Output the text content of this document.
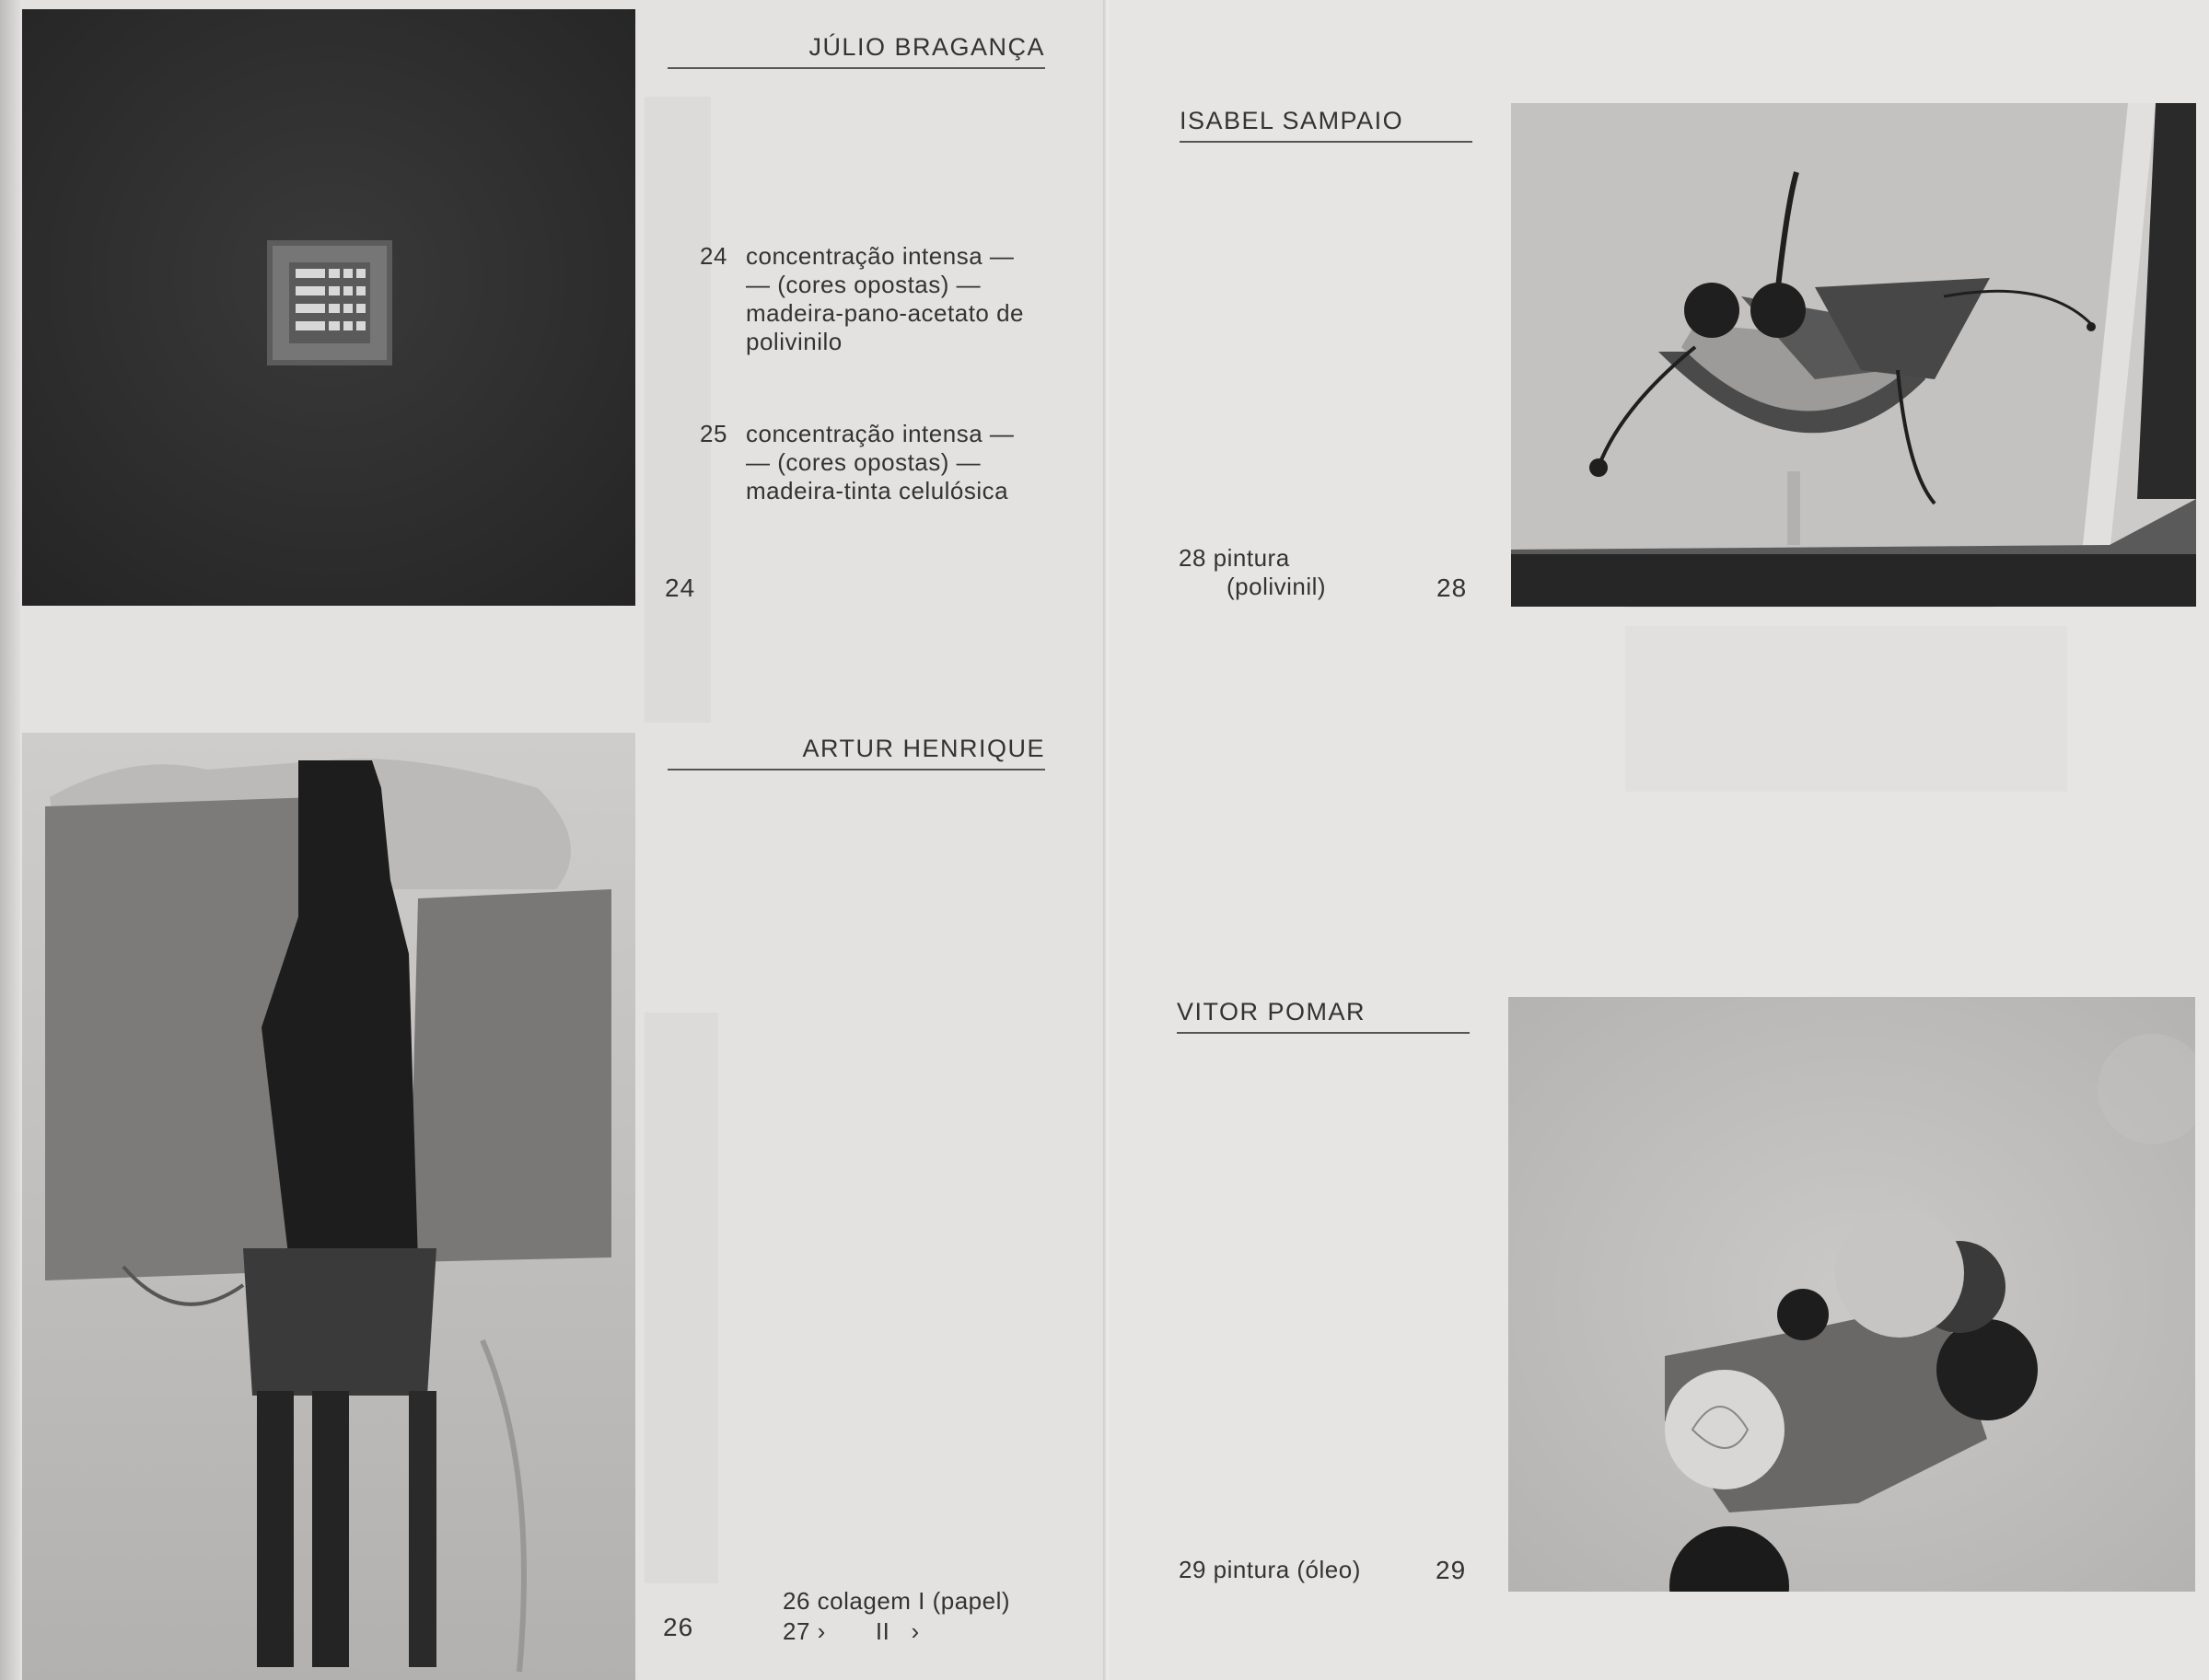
JÚLIO BRAGANÇA
24 concentração intensa —
— (cores opostas) —
madeira-pano-acetato de
polivinilo
25 concentração intensa —
— (cores opostas) —
madeira-tinta celulósica
24
ARTUR HENRIQUE
26 colagem I (papel)
27 ›       II   ›
26
ISABEL SAMPAIO
28 pintura
(polivinil)	28
VITOR POMAR
29 pintura (óleo)	29
